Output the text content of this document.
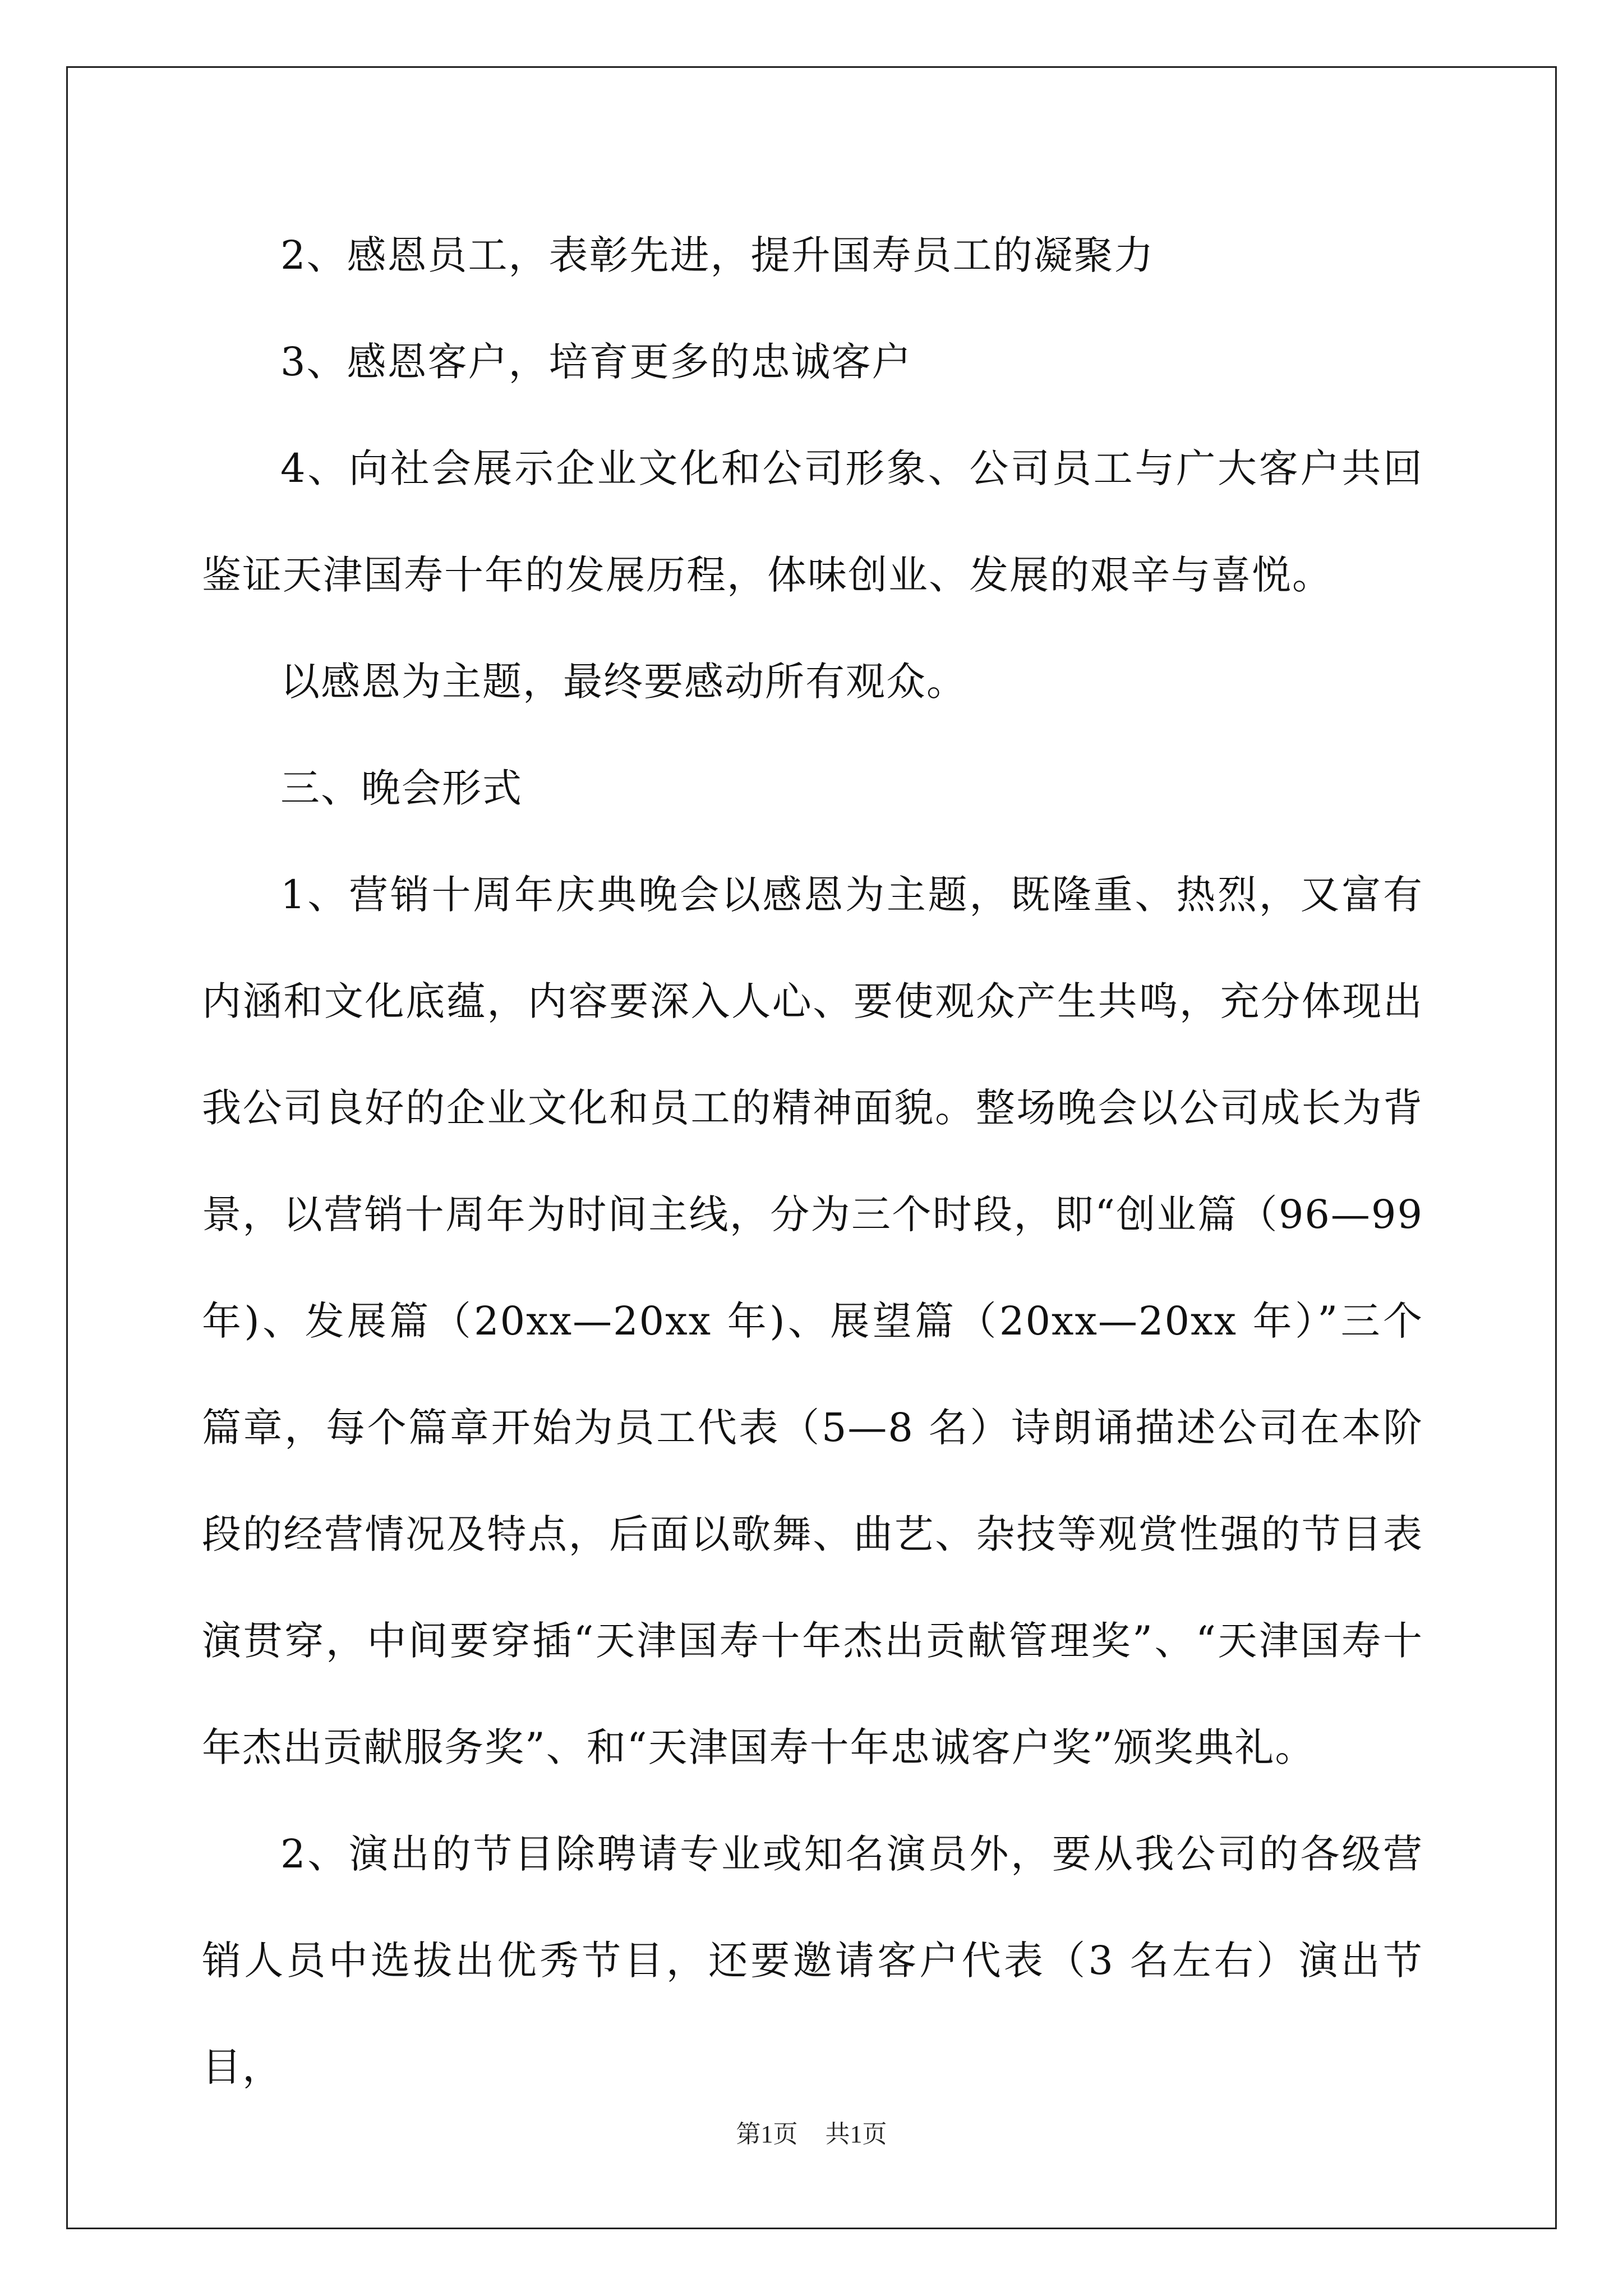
2、感恩员工，表彰先进，提升国寿员工的凝聚力

3、感恩客户，培育更多的忠诚客户

4、向社会展示企业文化和公司形象、公司员工与广大客户共回鉴证天津国寿十年的发展历程，体味创业、发展的艰辛与喜悦。

以感恩为主题，最终要感动所有观众。

三、晚会形式

1、营销十周年庆典晚会以感恩为主题，既隆重、热烈，又富有内涵和文化底蕴，内容要深入人心、要使观众产生共鸣，充分体现出我公司良好的企业文化和员工的精神面貌。整场晚会以公司成长为背景，以营销十周年为时间主线，分为三个时段，即“创业篇（96—99 年)、发展篇（20xx—20xx 年)、展望篇（20xx—20xx 年）”三个篇章，每个篇章开始为员工代表（5—8 名）诗朗诵描述公司在本阶段的经营情况及特点，后面以歌舞、曲艺、杂技等观赏性强的节目表演贯穿，中间要穿插“天津国寿十年杰出贡献管理奖”、“天津国寿十年杰出贡献服务奖”、和“天津国寿十年忠诚客户奖”颁奖典礼。

2、演出的节目除聘请专业或知名演员外，要从我公司的各级营销人员中选拔出优秀节目，还要邀请客户代表（3 名左右）演出节目，

第1页 共1页
